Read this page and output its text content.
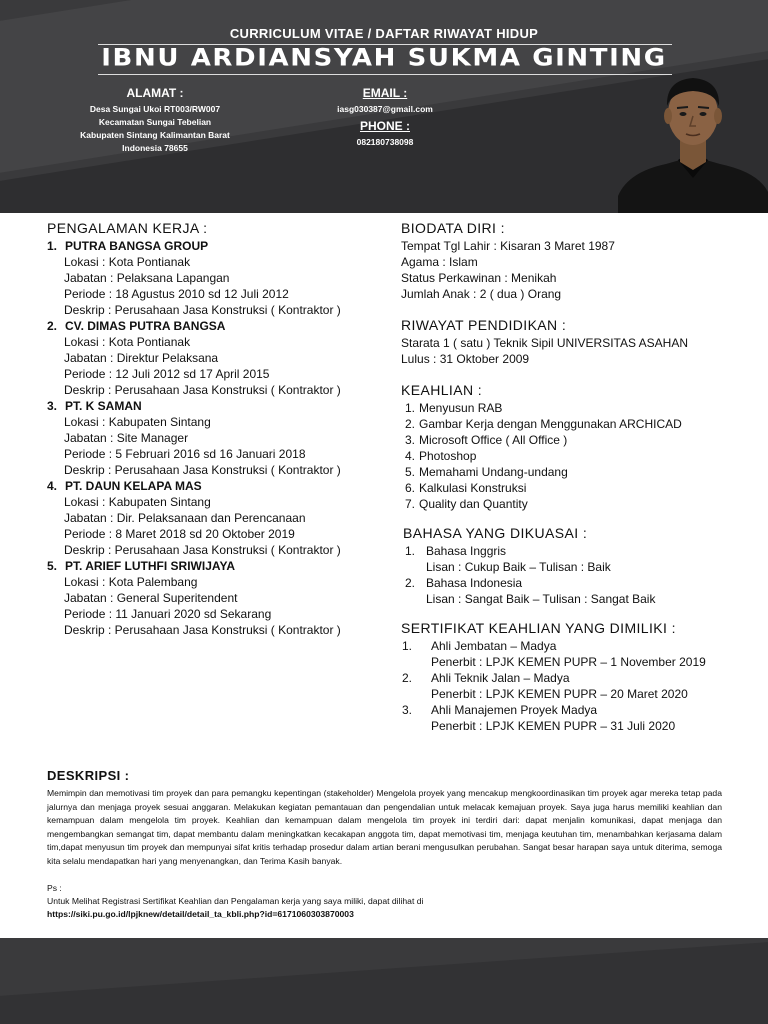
CURRICULUM VITAE / DAFTAR RIWAYAT HIDUP
IBNU ARDIANSYAH SUKMA GINTING
ALAMAT :
Desa Sungai Ukoi RT003/RW007
Kecamatan Sungai Tebelian
Kabupaten Sintang Kalimantan Barat
Indonesia 78655
EMAIL :
iasg030387@gmail.com
PHONE :
082180738098
PENGALAMAN KERJA :
1. PUTRA BANGSA GROUP
Lokasi : Kota Pontianak
Jabatan : Pelaksana Lapangan
Periode : 18 Agustus 2010 sd 12 Juli 2012
Deskrip : Perusahaan Jasa Konstruksi ( Kontraktor )
2. CV. DIMAS PUTRA BANGSA
Lokasi : Kota Pontianak
Jabatan : Direktur Pelaksana
Periode : 12 Juli 2012 sd 17 April 2015
Deskrip : Perusahaan Jasa Konstruksi ( Kontraktor )
3. PT. K SAMAN
Lokasi : Kabupaten Sintang
Jabatan : Site Manager
Periode : 5 Februari 2016 sd 16 Januari 2018
Deskrip : Perusahaan Jasa Konstruksi ( Kontraktor )
4. PT. DAUN KELAPA MAS
Lokasi : Kabupaten Sintang
Jabatan : Dir. Pelaksanaan dan Perencanaan
Periode : 8 Maret 2018 sd 20 Oktober 2019
Deskrip : Perusahaan Jasa Konstruksi ( Kontraktor )
5. PT. ARIEF LUTHFI SRIWIJAYA
Lokasi : Kota Palembang
Jabatan : General Superitendent
Periode : 11 Januari 2020 sd Sekarang
Deskrip : Perusahaan Jasa Konstruksi ( Kontraktor )
BIODATA DIRI :
Tempat Tgl Lahir : Kisaran 3 Maret 1987
Agama : Islam
Status Perkawinan : Menikah
Jumlah Anak : 2 ( dua ) Orang
RIWAYAT PENDIDIKAN :
Starata 1 ( satu ) Teknik Sipil UNIVERSITAS ASAHAN
Lulus : 31 Oktober 2009
KEAHLIAN :
1. Menyusun RAB
2. Gambar Kerja dengan Menggunakan ARCHICAD
3. Microsoft Office ( All Office )
4. Photoshop
5. Memahami Undang-undang
6. Kalkulasi Konstruksi
7. Quality dan Quantity
BAHASA YANG DIKUASAI :
1. Bahasa Inggris
Lisan : Cukup Baik – Tulisan : Baik
2. Bahasa Indonesia
Lisan : Sangat Baik – Tulisan : Sangat Baik
SERTIFIKAT KEAHLIAN YANG DIMILIKI :
1.	Ahli Jembatan – Madya
Penerbit : LPJK KEMEN PUPR – 1 November 2019
2.	Ahli Teknik Jalan – Madya
Penerbit : LPJK KEMEN PUPR – 20 Maret 2020
3.	Ahli Manajemen Proyek Madya
Penerbit : LPJK KEMEN PUPR – 31 Juli 2020
DESKRIPSI :

Memimpin dan memotivasi tim proyek dan para pemangku kepentingan (stakeholder) Mengelola proyek yang mencakup mengkoordinasikan tim proyek agar mereka tetap pada jalurnya dan menjaga proyek sesuai anggaran. Melakukan kegiatan pemantauan dan pengendalian untuk melacak kemajuan proyek. Saya juga harus memiliki keahlian dan kemampuan dalam mengelola tim proyek. Keahlian dan kemampuan dalam mengelola tim proyek ini terdiri dari: dapat menjalin komunikasi, dapat menjaga dan mengembangkan semangat tim, dapat membantu dalam meningkatkan kecakapan anggota tim, dapat memotivasi tim, menjaga keutuhan tim, menambahkan kerjasama dalam tim,dapat menyusun tim proyek dan mempunyai sifat kritis terhadap prosedur dalam artian berani mengusulkan perubahan. Sangat besar harapan saya untuk diterima, semoga kita selalu mendapatkan hari yang menyenangkan, dan Terima Kasih banyak.

Ps :
Untuk Melihat Registrasi Sertifikat Keahlian dan Pengalaman kerja yang saya miliki, dapat dilihat di
https://siki.pu.go.id/lpjknew/detail/detail_ta_kbli.php?id=6171060303870003
